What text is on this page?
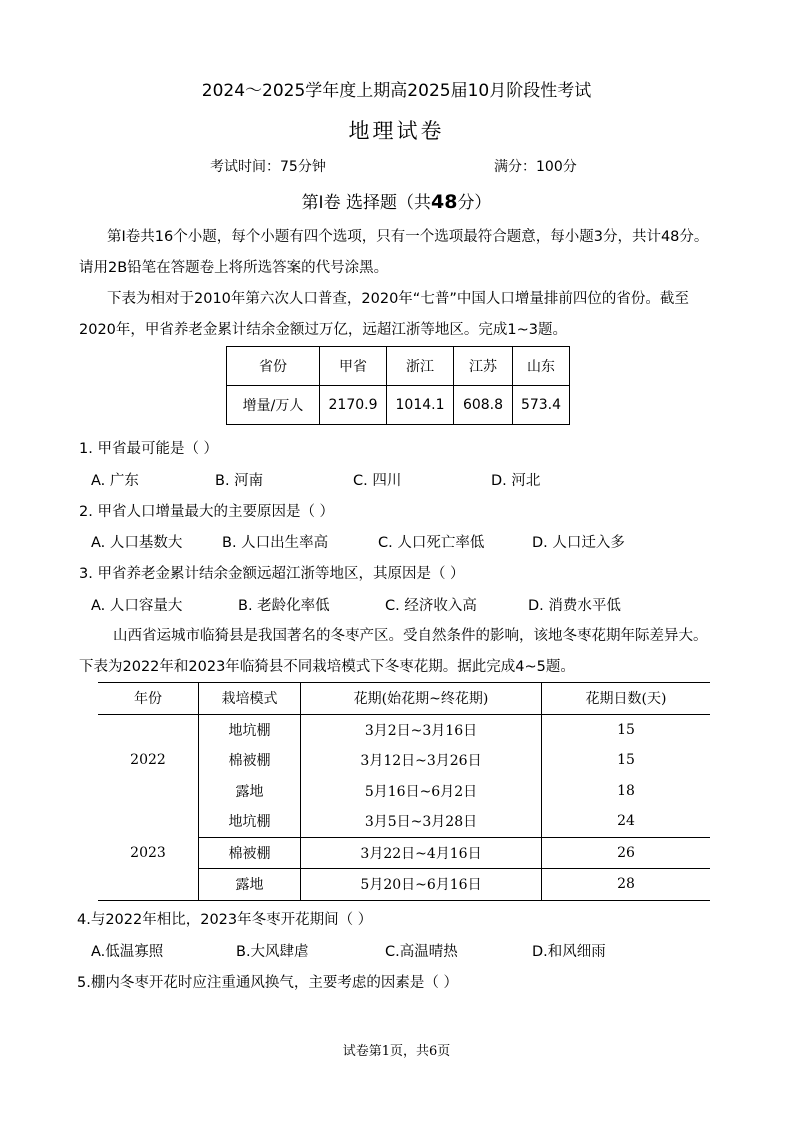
2024～2025学年度上期高2025届10月阶段性考试
地理试卷
考试时间：75分钟	满分：100分
第Ⅰ卷 选择题（共48分）
第Ⅰ卷共16个小题，每个小题有四个选项，只有一个选项最符合题意，每小题3分，共计48分。请用2B铅笔在答题卷上将所选答案的代号涂黑。
下表为相对于2010年第六次人口普查，2020年“七普”中国人口增量排前四位的省份。截至2020年，甲省养老金累计结余金额过万亿，远超江浙等地区。完成1~3题。
省份	甲省	浙江	江苏	山东
增量/万人	2170.9	1014.1	608.8	573.4
1. 甲省最可能是（ ）
A. 广东	B. 河南	C. 四川	D. 河北
2. 甲省人口增量最大的主要原因是（ ）
A. 人口基数大	B. 人口出生率高	C. 人口死亡率低	D. 人口迁入多
3. 甲省养老金累计结余金额远超江浙等地区，其原因是（ ）
A. 人口容量大	B. 老龄化率低	C. 经济收入高	D. 消费水平低
山西省运城市临猗县是我国著名的冬枣产区。受自然条件的影响，该地冬枣花期年际差异大。下表为2022年和2023年临猗县不同栽培模式下冬枣花期。据此完成4~5题。
年份	栽培模式	花期(始花期~终花期)	花期日数(天)
2022	地坑棚	3月2日~3月16日	15
	棉被棚	3月12日~3月26日	15
	露地	5月16日~6月2日	18
2023	地坑棚	3月5日~3月28日	24
	棉被棚	3月22日~4月16日	26
	露地	5月20日~6月16日	28
4.与2022年相比，2023年冬枣开花期间（ ）
A.低温寡照	B.大风肆虐	C.高温晴热	D.和风细雨
5.棚内冬枣开花时应注重通风换气，主要考虑的因素是（ ）
试卷第1页，共6页
